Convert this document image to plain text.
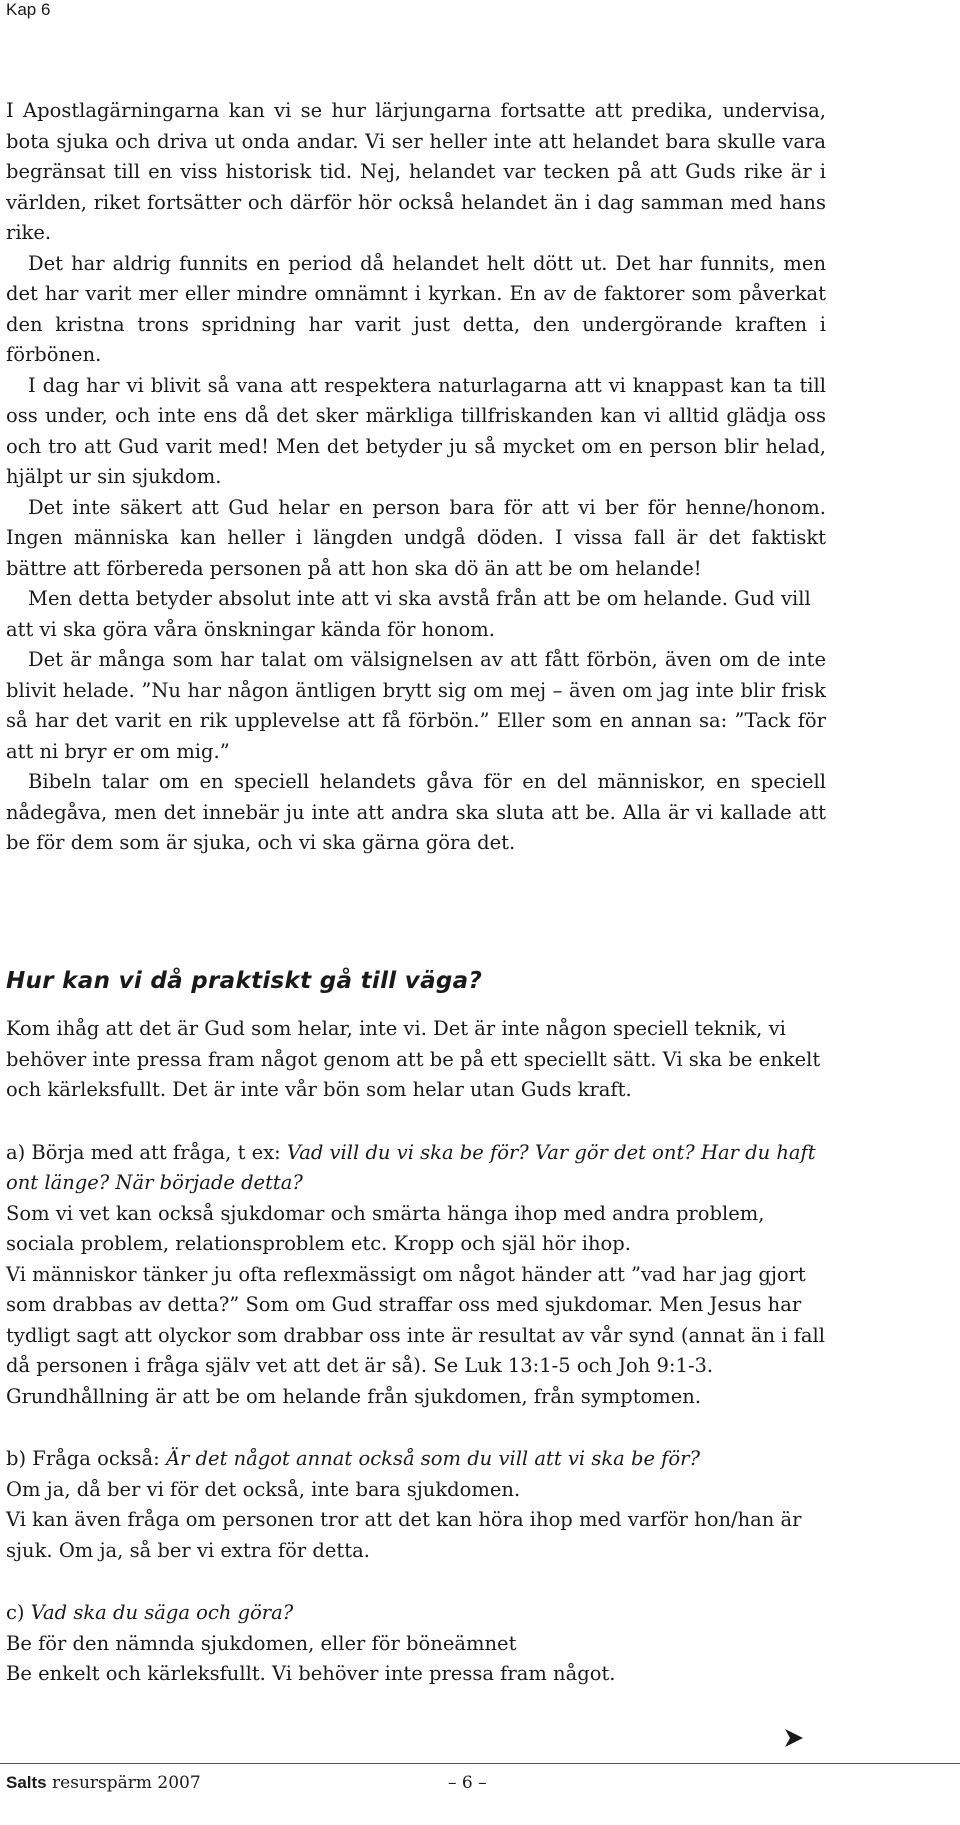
Kap 6

I Apostlagärningarna kan vi se hur lärjungarna fortsatte att predika, undervisa, bota sjuka och driva ut onda andar. Vi ser heller inte att helandet bara skulle vara begränsat till en viss historisk tid. Nej, helandet var tecken på att Guds rike är i världen, riket fortsätter och därför hör också helandet än i dag samman med hans rike.

Det har aldrig funnits en period då helandet helt dött ut. Det har funnits, men det har varit mer eller mindre omnämnt i kyrkan. En av de faktorer som påverkat den kristna trons spridning har varit just detta, den undergörande kraften i förbönen.

I dag har vi blivit så vana att respektera naturlagarna att vi knappast kan ta till oss under, och inte ens då det sker märkliga tillfriskanden kan vi alltid glädja oss och tro att Gud varit med! Men det betyder ju så mycket om en person blir helad, hjälpt ur sin sjukdom.

Det inte säkert att Gud helar en person bara för att vi ber för henne/honom. Ingen människa kan heller i längden undgå döden. I vissa fall är det faktiskt bättre att förbereda personen på att hon ska dö än att be om helande!

Men detta betyder absolut inte att vi ska avstå från att be om helande. Gud vill att vi ska göra våra önskningar kända för honom.

Det är många som har talat om välsignelsen av att fått förbön, även om de inte blivit helade. ”Nu har någon äntligen brytt sig om mej – även om jag inte blir frisk så har det varit en rik upplevelse att få förbön.” Eller som en annan sa: ”Tack för att ni bryr er om mig.”

Bibeln talar om en speciell helandets gåva för en del människor, en speciell nådegåva, men det innebär ju inte att andra ska sluta att be. Alla är vi kallade att be för dem som är sjuka, och vi ska gärna göra det.

Hur kan vi då praktiskt gå till väga?

Kom ihåg att det är Gud som helar, inte vi. Det är inte någon speciell teknik, vi behöver inte pressa fram något genom att be på ett speciellt sätt. Vi ska be enkelt och kärleksfullt. Det är inte vår bön som helar utan Guds kraft.

a) Börja med att fråga, t ex: Vad vill du vi ska be för? Var gör det ont? Har du haft ont länge? När började detta?

Som vi vet kan också sjukdomar och smärta hänga ihop med andra problem, sociala problem, relationsproblem etc. Kropp och själ hör ihop.

Vi människor tänker ju ofta reflexmässigt om något händer att ”vad har jag gjort som drabbas av detta?” Som om Gud straffar oss med sjukdomar. Men Jesus har tydligt sagt att olyckor som drabbar oss inte är resultat av vår synd (annat än i fall då personen i fråga själv vet att det är så). Se Luk 13:1-5 och Joh 9:1-3.

Grundhållning är att be om helande från sjukdomen, från symptomen.

b) Fråga också: Är det något annat också som du vill att vi ska be för?

Om ja, då ber vi för det också, inte bara sjukdomen.

Vi kan även fråga om personen tror att det kan höra ihop med varför hon/han är sjuk. Om ja, så ber vi extra för detta.

c) Vad ska du säga och göra?

Be för den nämnda sjukdomen, eller för böneämnet

Be enkelt och kärleksfullt. Vi behöver inte pressa fram något.

Salts resurspärm 2007	– 6 –
